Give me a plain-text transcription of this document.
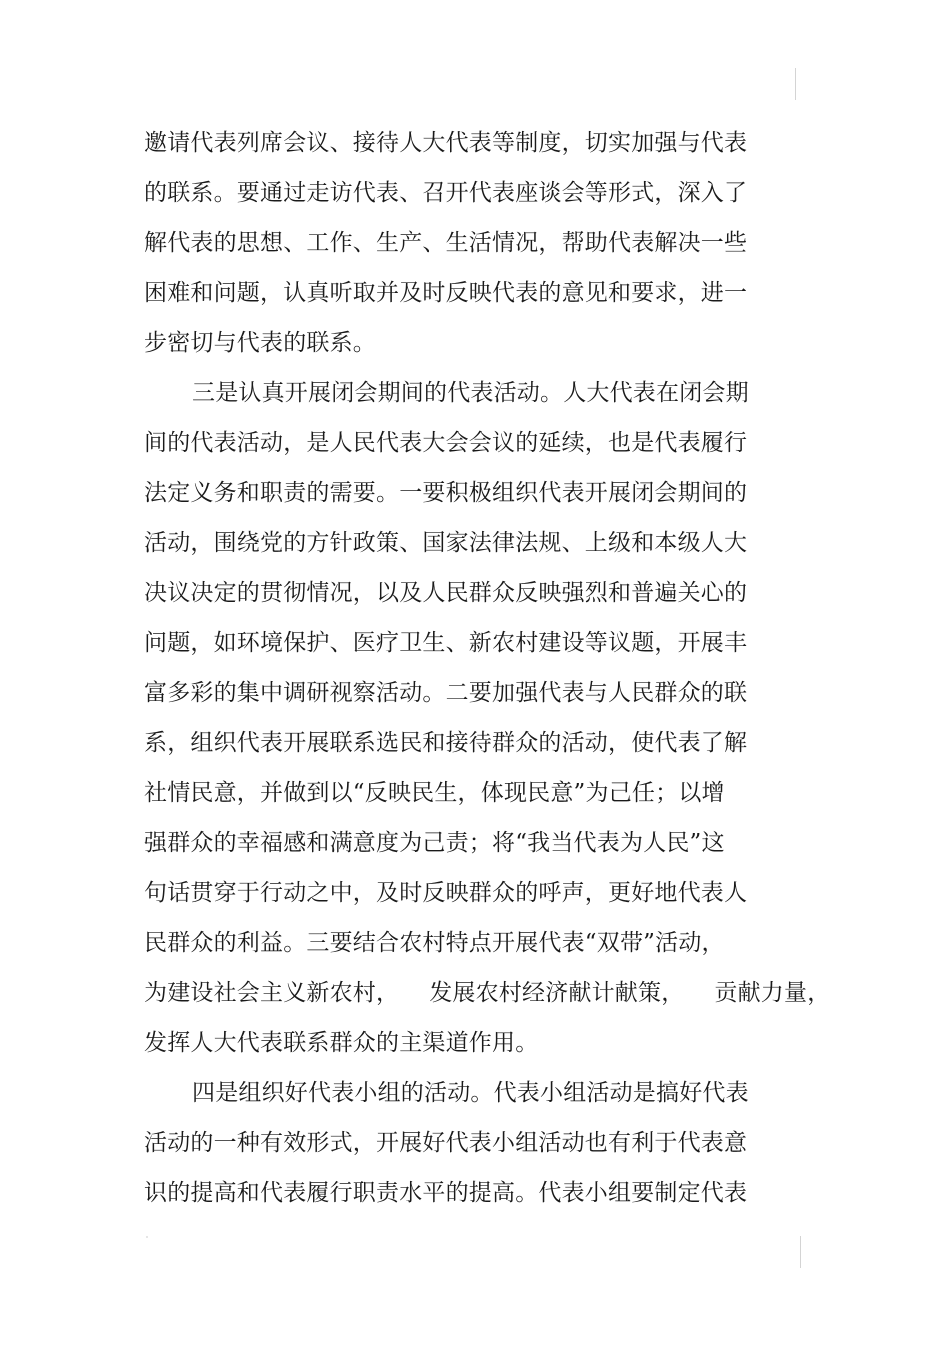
邀请代表列席会议、接待人大代表等制度，切实加强与代表
的联系。要通过走访代表、召开代表座谈会等形式，深入了
解代表的思想、工作、生产、生活情况，帮助代表解决一些
困难和问题，认真听取并及时反映代表的意见和要求，进一
步密切与代表的联系。
三是认真开展闭会期间的代表活动。人大代表在闭会期
间的代表活动，是人民代表大会会议的延续，也是代表履行
法定义务和职责的需要。一要积极组织代表开展闭会期间的
活动，围绕党的方针政策、国家法律法规、上级和本级人大
决议决定的贯彻情况，以及人民群众反映强烈和普遍关心的
问题，如环境保护、医疗卫生、新农村建设等议题，开展丰
富多彩的集中调研视察活动。二要加强代表与人民群众的联
系，组织代表开展联系选民和接待群众的活动，使代表了解
社情民意，并做到以“反映民生，体现民意”为己任；以增
强群众的幸福感和满意度为己责；将“我当代表为人民”这
句话贯穿于行动之中，及时反映群众的呼声，更好地代表人
民群众的利益。三要结合农村特点开展代表“双带”活动，
为建设社会主义新农村， 发展农村经济献计献策， 贡献力量，
发挥人大代表联系群众的主渠道作用。
四是组织好代表小组的活动。代表小组活动是搞好代表
活动的一种有效形式，开展好代表小组活动也有利于代表意
识的提高和代表履行职责水平的提高。代表小组要制定代表
